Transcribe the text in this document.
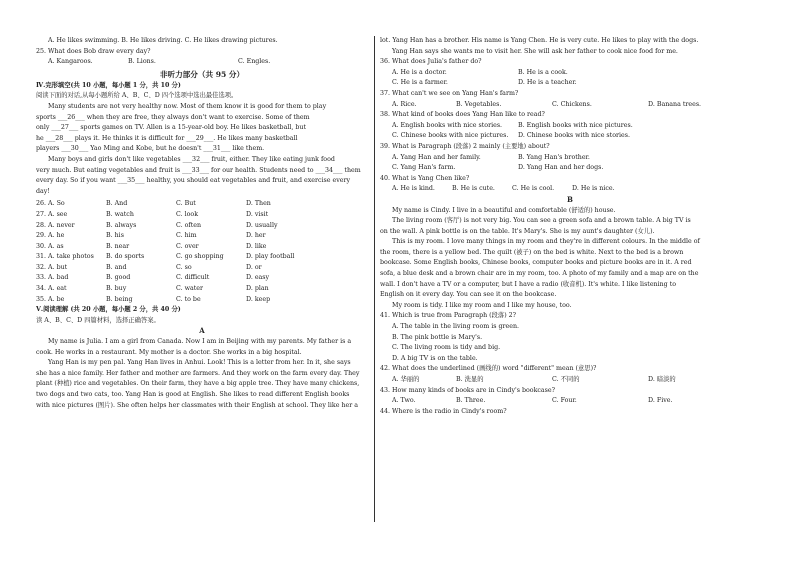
A. He likes swimming. B. He likes driving. C. He likes drawing pictures.
25. What does Bob draw every day?
A. Kangaroos.	B. Lions.	C. Engles.
非听力部分（共 95 分）
Ⅳ.完形填空(共 10 小题，每小题 1 分，共 10 分)
阅读下面的对话,从每小题所给 A、B、C、D 四个选项中选出最佳选项。
Many students are not very healthy now. Most of them know it is good for them to play
sports ___26___ when they are free, they always don't want to exercise. Some of them
only ___27___ sports games on TV. Allen is a 15-year-old boy. He likes basketball, but
he ___28___ plays it. He thinks it is difficult for ___29___. He likes many basketball
players ___30___ Yao Ming and Kobe, but he doesn't ___31___ like them.
Many boys and girls don't like vegetables ___32___ fruit, either. They like eating junk food
very much. But eating vegetables and fruit is ___33___ for our health. Students need to ___34___ them
every day. So if you want ___35___ healthy, you should eat vegetables and fruit, and exercise every
day!
26. A. So	B. And	C. But	D. Then
27. A. see	B. watch	C. look	D. visit
28. A. never	B. always	C. often	D. usually
29. A. he	B. his	C. him	D. her
30. A. as	B. near	C. over	D. like
31. A. take photos	B. do sports	C. go shopping	D. play football
32. A. but	B. and	C. so	D. or
33. A. bad	B. good	C. difficult	D. easy
34. A. eat	B. buy	C. water	D. plan
35. A. be	B. being	C. to be	D. keep
Ⅴ.阅读理解 (共 20 小题，每小题 2 分，共 40 分)
读 A、B、C、D 四篇材料，选择正确答案。
A
My name is Julia. I am a girl from Canada. Now I am in Beijing with my parents. My father is a
cook. He works in a restaurant. My mother is a doctor. She works in a big hospital.
Yang Han is my pen pal. Yang Han lives in Anhui. Look! This is a letter from her. In it, she says
she has a nice family. Her father and mother are farmers. And they work on the farm every day. They
plant (种植) rice and vegetables. On their farm, they have a big apple tree. They have many chickens,
two dogs and two cats, too. Yang Han is good at English. She likes to read different English books
with nice pictures (图片). She often helps her classmates with their English at school. They like her a
lot. Yang Han has a brother. His name is Yang Chen. He is very cute. He likes to play with the dogs.
Yang Han says she wants me to visit her. She will ask her father to cook nice food for me.
36. What does Julia's father do?
A. He is a doctor.	B. He is a cook.
C. He is a farmer.	D. He is a teacher.
37. What can't we see on Yang Han's farm?
A. Rice.	B. Vegetables.	C. Chickens.	D. Banana trees.
38. What kind of books does Yang Han like to read?
A. English books with nice stories.	B. English books with nice pictures.
C. Chinese books with nice pictures.	D. Chinese books with nice stories.
39. What is Paragraph (段落) 2 mainly (主要地) about?
A. Yang Han and her family.	B. Yang Han's brother.
C. Yang Han's farm.	D. Yang Han and her dogs.
40. What is Yang Chen like?
A. He is kind.	B. He is cute.	C. He is cool.	D. He is nice.
B
My name is Cindy. I live in a beautiful and comfortable (舒适的) house.
The living room (客厅) is not very big. You can see a green sofa and a brown table. A big TV is
on the wall. A pink bottle is on the table. It's Mary's. She is my aunt's daughter (女儿).
This is my room. I love many things in my room and they're in different colours. In the middle of
the room, there is a yellow bed. The quilt (被子) on the bed is white. Next to the bed is a brown
bookcase. Some English books, Chinese books, computer books and picture books are in it. A red
sofa, a blue desk and a brown chair are in my room, too. A photo of my family and a map are on the
wall. I don't have a TV or a computer, but I have a radio (收音机). It's white. I like listening to
English on it every day. You can see it on the bookcase.
My room is tidy. I like my room and I like my house, too.
41. Which is true from Paragraph (段落) 2?
A. The table in the living room is green.
B. The pink bottle is Mary's.
C. The living room is tidy and big.
D. A big TV is on the table.
42. What does the underlined (画线的) word "different" mean (意思)?
A. 华丽的	B. 洗显的	C. 不同的	D. 暗淡的
43. How many kinds of books are in Cindy's bookcase?
A. Two.	B. Three.	C. Four.	D. Five.
44. Where is the radio in Cindy's room?
